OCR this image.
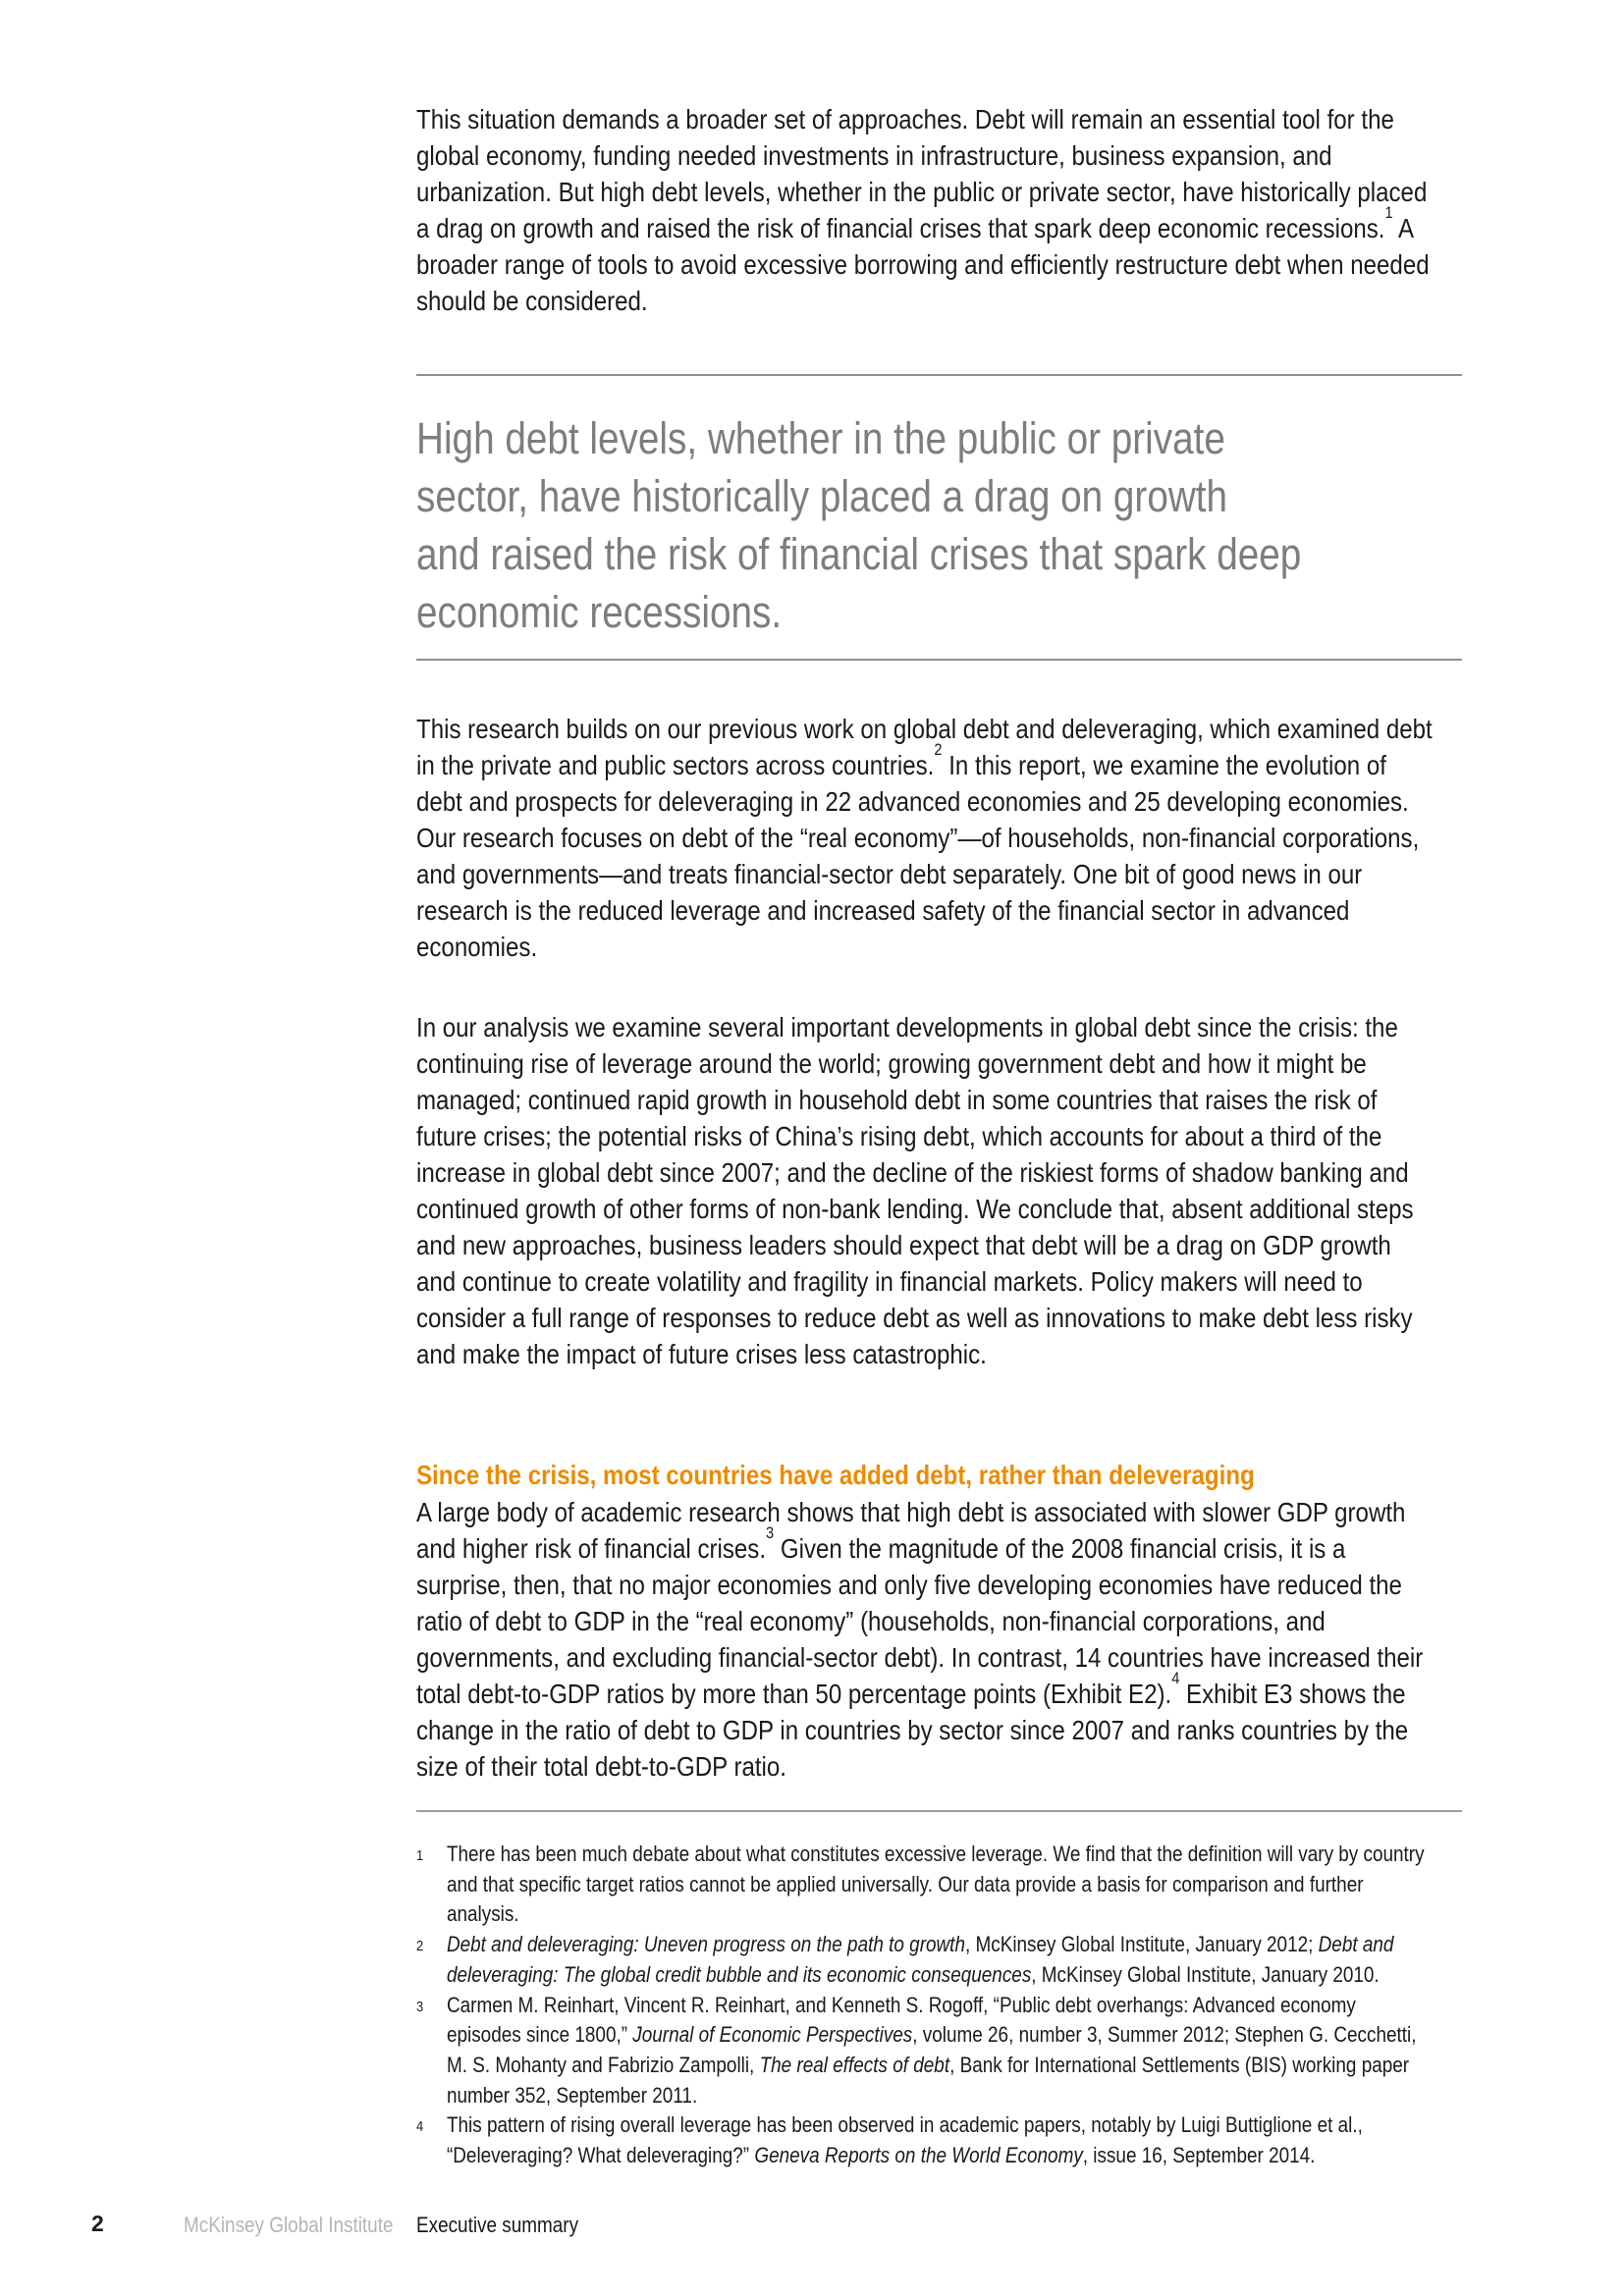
This situation demands a broader set of approaches. Debt will remain an essential tool for the global economy, funding needed investments in infrastructure, business expansion, and urbanization. But high debt levels, whether in the public or private sector, have historically placed a drag on growth and raised the risk of financial crises that spark deep economic recessions.$^1$ A broader range of tools to avoid excessive borrowing and efficiently restructure debt when needed should be considered.
High debt levels, whether in the public or private
sector, have historically placed a drag on growth
and raised the risk of financial crises that spark deep
economic recessions.
This research builds on our previous work on global debt and deleveraging, which examined debt in the private and public sectors across countries.$^2$ In this report, we examine the evolution of debt and prospects for deleveraging in 22 advanced economies and 25 developing economies. Our research focuses on debt of the “real economy”—of households, non-financial corporations, and governments—and treats financial-sector debt separately. One bit of good news in our research is the reduced leverage and increased safety of the financial sector in advanced economies.
In our analysis we examine several important developments in global debt since the crisis: the continuing rise of leverage around the world; growing government debt and how it might be managed; continued rapid growth in household debt in some countries that raises the risk of future crises; the potential risks of China’s rising debt, which accounts for about a third of the increase in global debt since 2007; and the decline of the riskiest forms of shadow banking and continued growth of other forms of non-bank lending. We conclude that, absent additional steps and new approaches, business leaders should expect that debt will be a drag on GDP growth and continue to create volatility and fragility in financial markets. Policy makers will need to consider a full range of responses to reduce debt as well as innovations to make debt less risky and make the impact of future crises less catastrophic.
Since the crisis, most countries have added debt, rather than deleveraging
A large body of academic research shows that high debt is associated with slower GDP growth and higher risk of financial crises.$^3$ Given the magnitude of the 2008 financial crisis, it is a surprise, then, that no major economies and only five developing economies have reduced the ratio of debt to GDP in the “real economy” (households, non-financial corporations, and governments, and excluding financial-sector debt). In contrast, 14 countries have increased their total debt-to-GDP ratios by more than 50 percentage points (Exhibit E2).$^4$ Exhibit E3 shows the change in the ratio of debt to GDP in countries by sector since 2007 and ranks countries by the size of their total debt-to-GDP ratio.
1	There has been much debate about what constitutes excessive leverage. We find that the definition will vary by country and that specific target ratios cannot be applied universally. Our data provide a basis for comparison and further analysis.
2	Debt and deleveraging: Uneven progress on the path to growth, McKinsey Global Institute, January 2012; Debt and deleveraging: The global credit bubble and its economic consequences, McKinsey Global Institute, January 2010.
3	Carmen M. Reinhart, Vincent R. Reinhart, and Kenneth S. Rogoff, “Public debt overhangs: Advanced economy episodes since 1800,” Journal of Economic Perspectives, volume 26, number 3, Summer 2012; Stephen G. Cecchetti, M. S. Mohanty and Fabrizio Zampolli, The real effects of debt, Bank for International Settlements (BIS) working paper number 352, September 2011.
4	This pattern of rising overall leverage has been observed in academic papers, notably by Luigi Buttiglione et al., “Deleveraging? What deleveraging?” Geneva Reports on the World Economy, issue 16, September 2014.
2	McKinsey Global Institute Executive summary
